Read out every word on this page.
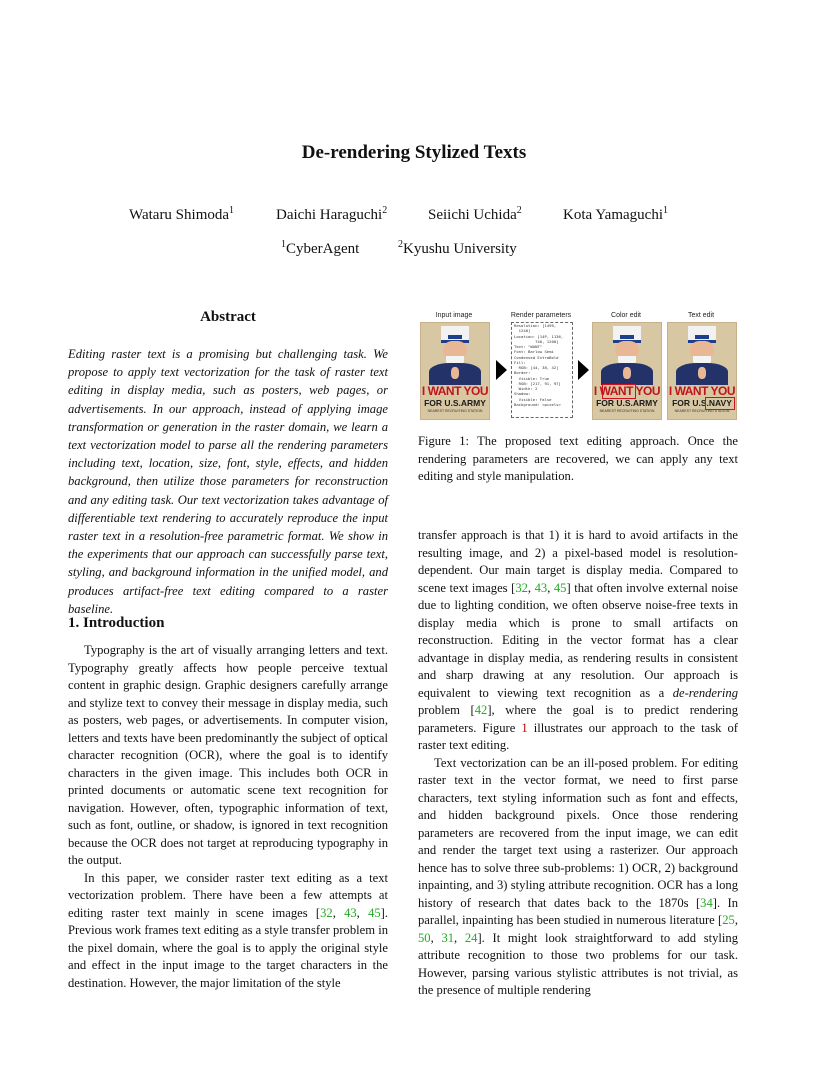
De-rendering Stylized Texts
Wataru Shimoda$^1$	Daichi Haraguchi$^2$	Seiichi Uchida$^2$	Kota Yamaguchi$^1$
$^1$CyberAgent	$^2$Kyushu University
Abstract
Editing raster text is a promising but challenging task. We propose to apply text vectorization for the task of raster text editing in display media, such as posters, web pages, or advertisements. In our approach, instead of applying image transformation or generation in the raster domain, we learn a text vectorization model to parse all the rendering parameters including text, location, size, font, style, effects, and hidden background, then utilize those parameters for reconstruction and any editing task. Our text vectorization takes advantage of differentiable text rendering to accurately reproduce the input raster text in a resolution-free parametric format. We show in the experiments that our approach can successfully parse text, styling, and background information in the unified model, and produces artifact-free text editing compared to a raster baseline.
1. Introduction

Typography is the art of visually arranging letters and text. Typography greatly affects how people perceive textual content in graphic design. Graphic designers carefully arrange and stylize text to convey their message in display media, such as posters, web pages, or advertisements. In computer vision, letters and texts have been predominantly the subject of optical character recognition (OCR), where the goal is to identify characters in the given image. This includes both OCR in printed documents or automatic scene text recognition for navigation. However, often, typographic information of text, such as font, outline, or shadow, is ignored in text recognition because the OCR does not target at reproducing typography in the output.

In this paper, we consider raster text editing as a text vectorization problem. There have been a few attempts at editing raster text mainly in scene images [32, 43, 45]. Previous work frames text editing as a style transfer problem in the pixel domain, where the goal is to apply the original style and effect in the input image to the target characters in the destination. However, the major limitation of the style

Input image	Render parameters	Color edit	Text edit
I WANT YOU
FOR U.S.ARMY
NEAREST RECRUITING STATION
Resolution: [1499,
1240]
Location: [14P, 1136,
740, 1200]
Text: "WANT"
Font: Barlow Semi
Condensed ExtraBold
Fill:
RGB: [44, 38, 42]
Border:
Visible: True
RGB: [217, 91, 97]
Width: 2
Shadow:
Visible: False
Background: <pixels>
I WANT YOU
FOR U.S.ARMY
NEAREST RECRUITING STATION
I WANT YOU
FOR U.S.NAVY
NEAREST RECRUITING STATION
Figure 1: The proposed text editing approach. Once the rendering parameters are recovered, we can apply any text editing and style manipulation.

transfer approach is that 1) it is hard to avoid artifacts in the resulting image, and 2) a pixel-based model is resolution-dependent. Our main target is display media. Compared to scene text images [32, 43, 45] that often involve external noise due to lighting condition, we often observe noise-free texts in display media which is prone to small artifacts on reconstruction. Editing in the vector format has a clear advantage in display media, as rendering results in consistent and sharp drawing at any resolution. Our approach is equivalent to viewing text recognition as a de-rendering problem [42], where the goal is to predict rendering parameters. Figure 1 illustrates our approach to the task of raster text editing.

Text vectorization can be an ill-posed problem. For editing raster text in the vector format, we need to first parse characters, text styling information such as font and effects, and hidden background pixels. Once those rendering parameters are recovered from the input image, we can edit and render the target text using a rasterizer. Our approach hence has to solve three sub-problems: 1) OCR, 2) background inpainting, and 3) styling attribute recognition. OCR has a long history of research that dates back to the 1870s [34]. In parallel, inpainting has been studied in numerous literature [25, 50, 31, 24]. It might look straightforward to add styling attribute recognition to those two problems for our task. However, parsing various stylistic attributes is not trivial, as the presence of multiple rendering
